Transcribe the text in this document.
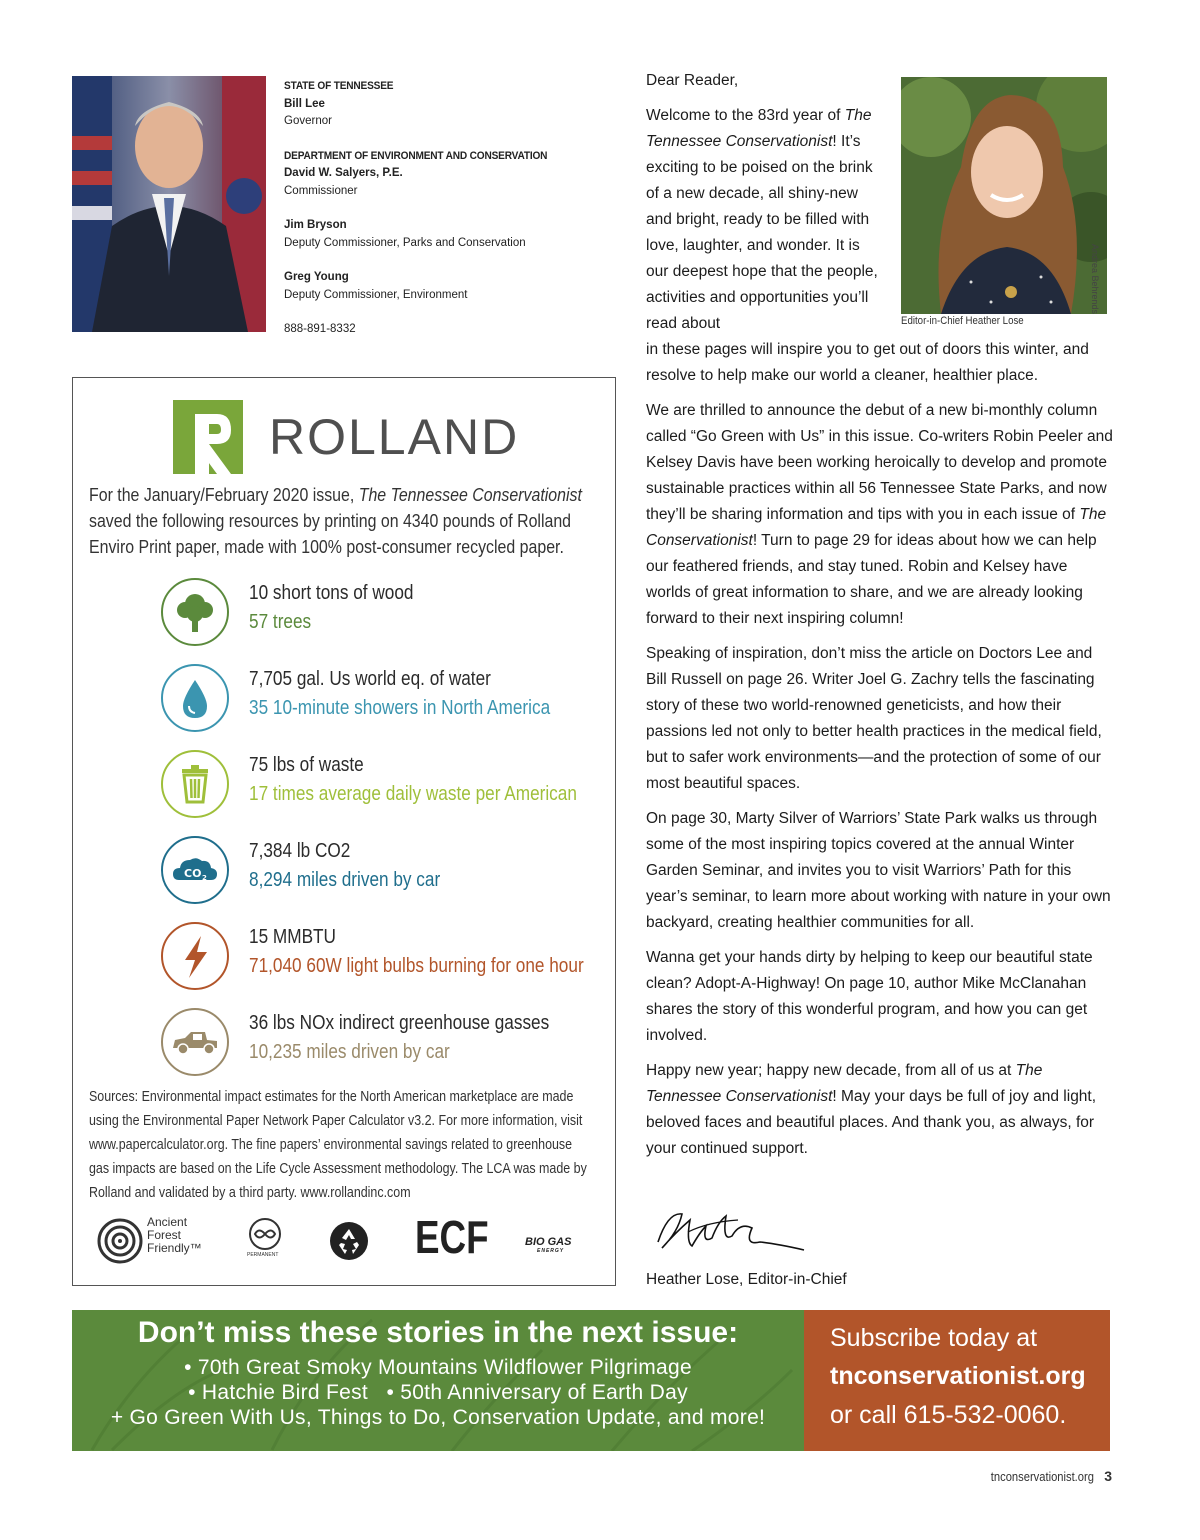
STATE OF TENNESSEE
Bill Lee
Governor
DEPARTMENT OF ENVIRONMENT AND CONSERVATION
David W. Salyers, P.E.
Commissioner
Jim Bryson
Deputy Commissioner, Parks and Conservation
Greg Young
Deputy Commissioner, Environment
888-891-8332
ROLLAND
For the January/February 2020 issue, The Tennessee Conservationist saved the following resources by printing on 4340 pounds of Rolland Enviro Print paper, made with 100% post-consumer recycled paper.
10 short tons of wood
57 trees
7,705 gal. Us world eq. of water
35 10-minute showers in North America
75 lbs of waste
17 times average daily waste per American
CO 2
7,384 lb CO2
8,294 miles driven by car
15 MMBTU
71,040 60W light bulbs burning for one hour
36 lbs NOx indirect greenhouse gasses
10,235 miles driven by car
Sources: Environmental impact estimates for the North American marketplace are made using the Environmental Paper Network Paper Calculator v3.2. For more information, visit www.papercalculator.org. The fine papers’ environmental savings related to greenhouse gas impacts are based on the Life Cycle Assessment methodology. The LCA was made by Rolland and validated by a third party. www.rollandinc.com
Ancient
Forest
Friendly™	PERMANENT	ECF	BIO GAS
ENERGY
Andrea Behrends
Editor-in-Chief Heather Lose

Dear Reader,

Welcome to the 83rd year of The Tennessee Conservationist! It’s exciting to be poised on the brink of a new decade, all shiny-new and bright, ready to be filled with love, laughter, and wonder. It is our deepest hope that the people, activities and opportunities you’ll read about

in these pages will inspire you to get out of doors this winter, and resolve to help make our world a cleaner, healthier place.

We are thrilled to announce the debut of a new bi-monthly column called “Go Green with Us” in this issue. Co-writers Robin Peeler and Kelsey Davis have been working heroically to develop and promote sustainable practices within all 56 Tennessee State Parks, and now they’ll be sharing information and tips with you in each issue of The Conservationist! Turn to page 29 for ideas about how we can help our feathered friends, and stay tuned. Robin and Kelsey have worlds of great information to share, and we are already looking forward to their next inspiring column!

Speaking of inspiration, don’t miss the article on Doctors Lee and Bill Russell on page 26. Writer Joel G. Zachry tells the fascinating story of these two world-renowned geneticists, and how their passions led not only to better health practices in the medical field, but to safer work environments—and the protection of some of our most beautiful spaces.

On page 30, Marty Silver of Warriors’ State Park walks us through some of the most inspiring topics covered at the annual Winter Garden Seminar, and invites you to visit Warriors’ Path for this year’s seminar, to learn more about working with nature in your own backyard, creating healthier communities for all.

Wanna get your hands dirty by helping to keep our beautiful state clean? Adopt-A-Highway! On page 10, author Mike McClanahan shares the story of this wonderful program, and how you can get involved.

Happy new year; happy new decade, from all of us at The Tennessee Conservationist! May your days be full of joy and light, beloved faces and beautiful places. And thank you, as always, for your continued support.

Heather Lose, Editor-in-Chief
Don’t miss these stories in the next issue:
• 70th Great Smoky Mountains Wildflower Pilgrimage
• Hatchie Bird Fest   • 50th Anniversary of Earth Day
+ Go Green With Us, Things to Do, Conservation Update, and more!
Subscribe today at
tnconservationist.org
or call 615-532-0060.
tnconservationist.org 3
